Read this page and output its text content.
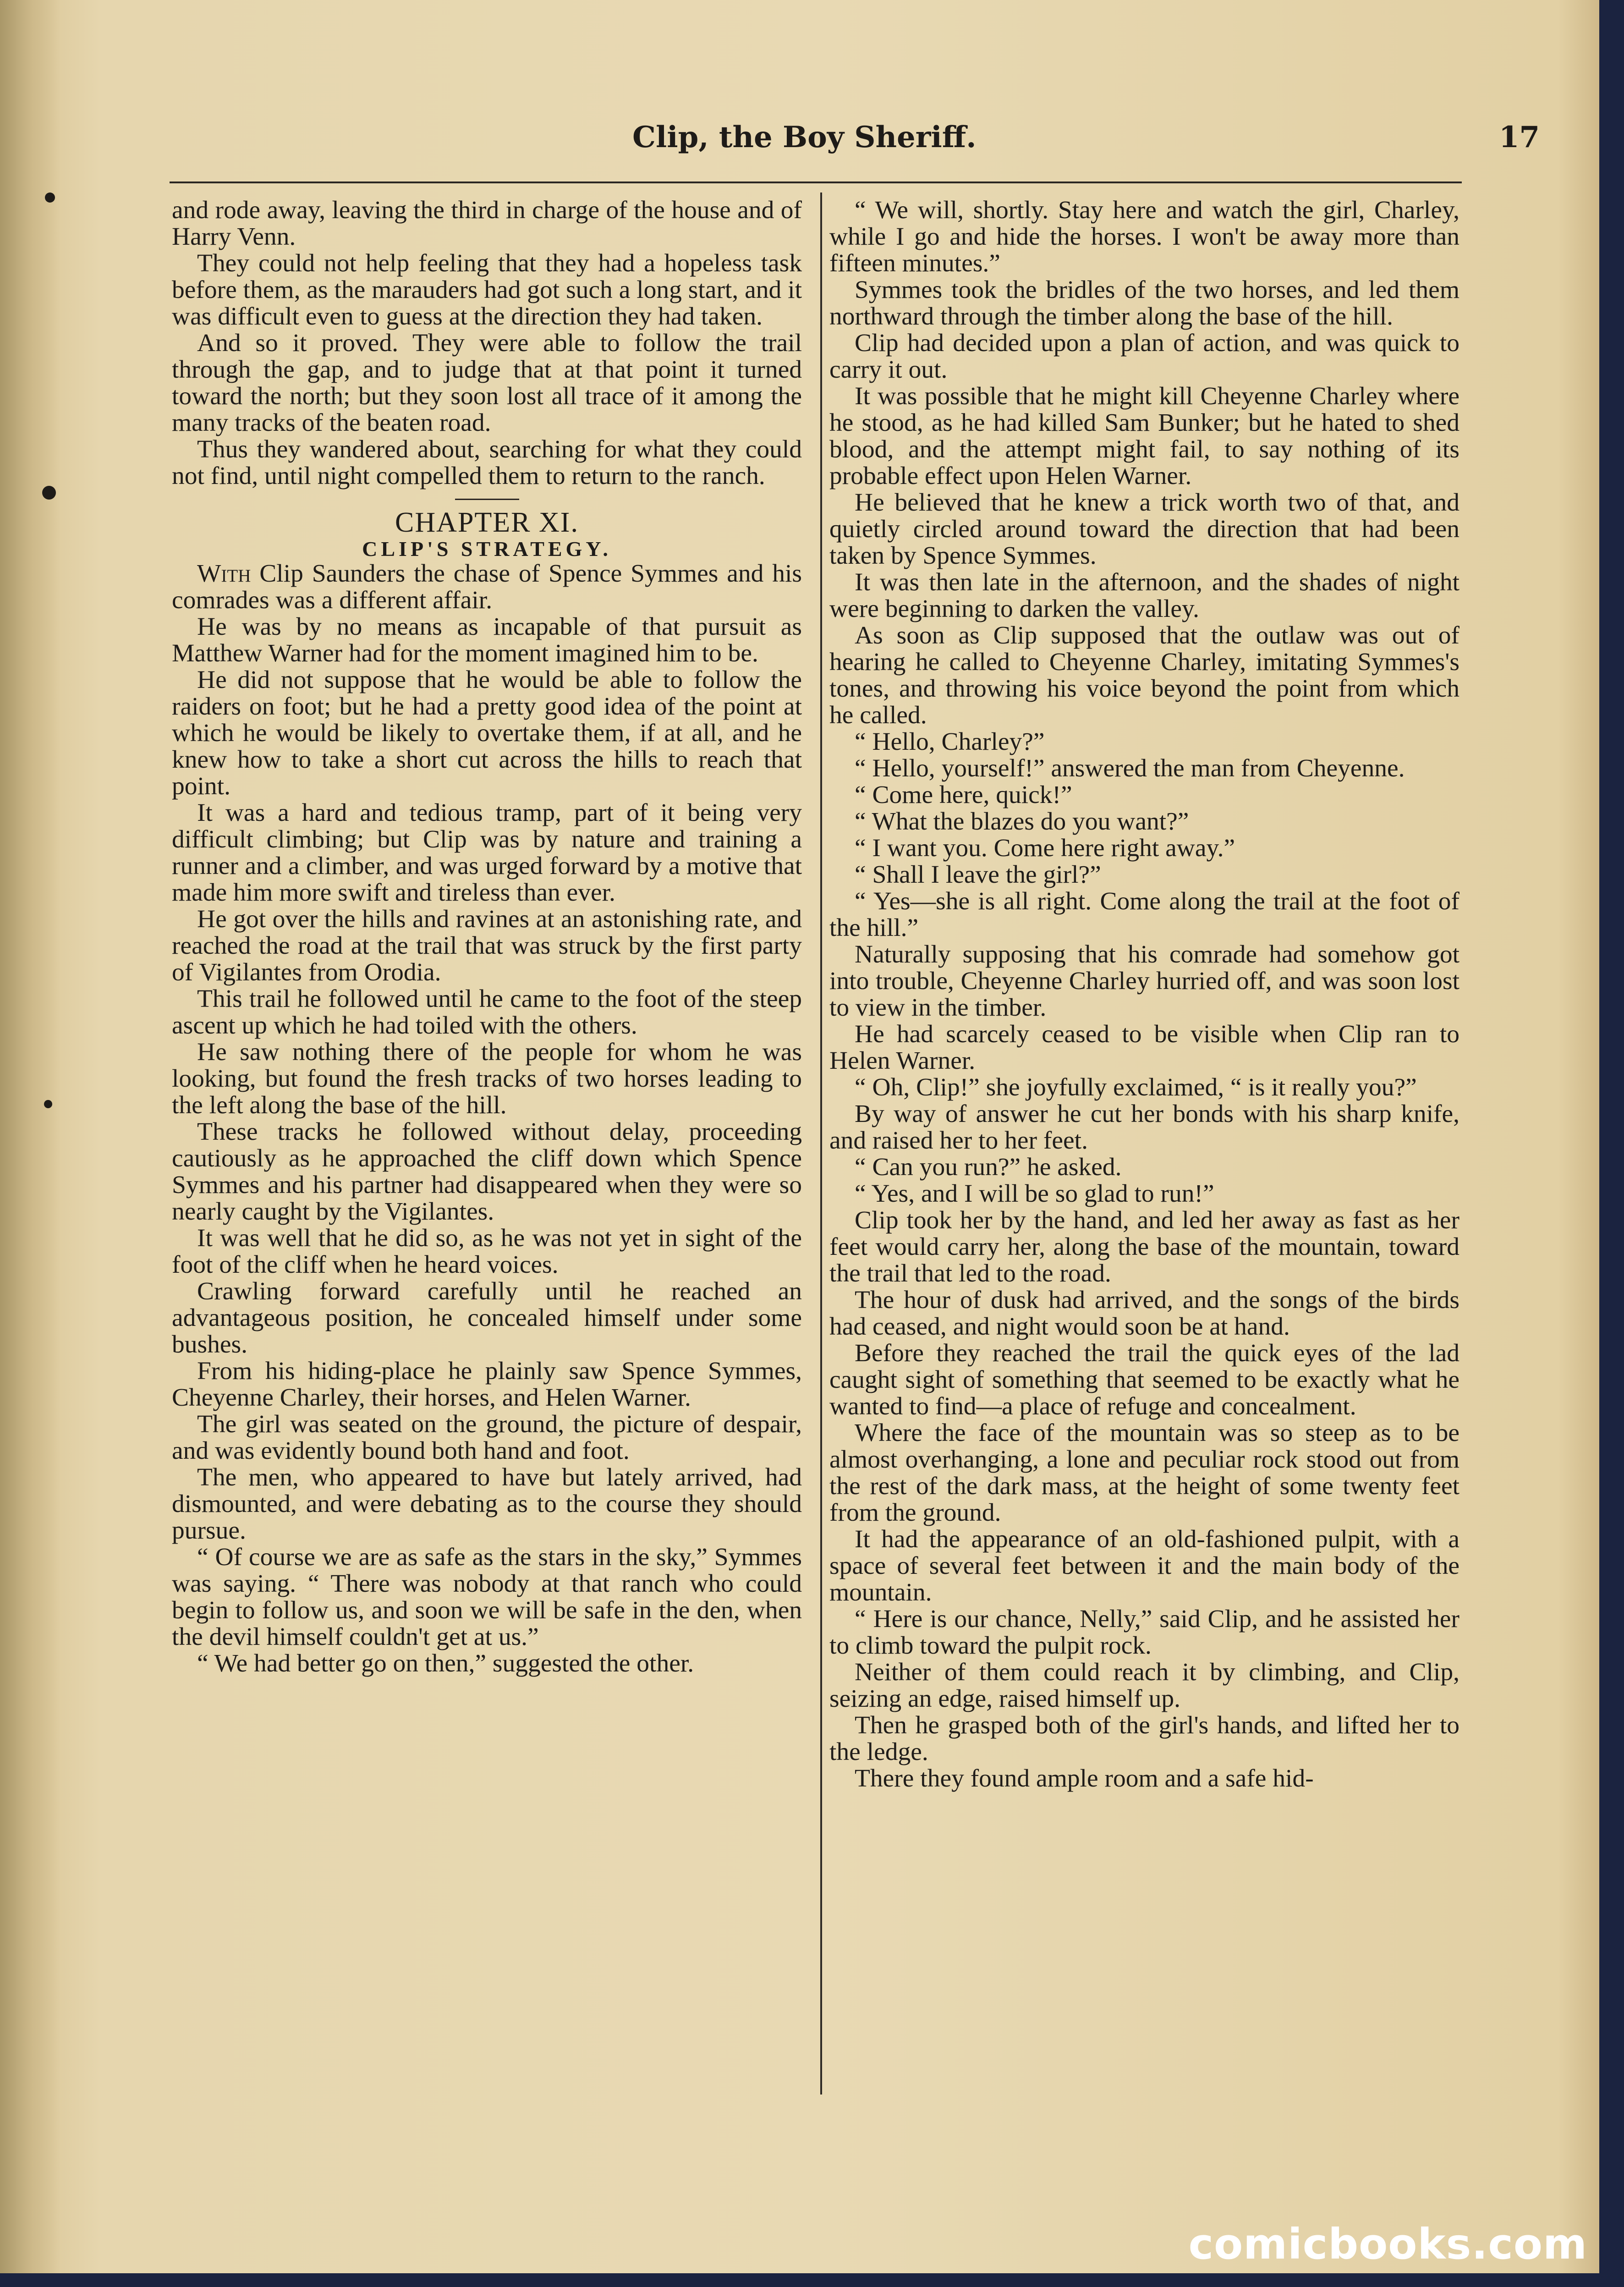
Clip, the Boy Sheriff.	17

and rode away, leaving the third in charge of the house and of Harry Venn.

They could not help feeling that they had a hopeless task before them, as the marauders had got such a long start, and it was difficult even to guess at the direction they had taken.

And so it proved. They were able to follow the trail through the gap, and to judge that at that point it turned toward the north; but they soon lost all trace of it among the many tracks of the beaten road.

Thus they wandered about, searching for what they could not find, until night compelled them to return to the ranch.

CHAPTER XI.
CLIP'S STRATEGY.

With Clip Saunders the chase of Spence Symmes and his comrades was a different affair.

He was by no means as incapable of that pursuit as Matthew Warner had for the moment imagined him to be.

He did not suppose that he would be able to follow the raiders on foot; but he had a pretty good idea of the point at which he would be likely to overtake them, if at all, and he knew how to take a short cut across the hills to reach that point.

It was a hard and tedious tramp, part of it being very difficult climbing; but Clip was by nature and training a runner and a climber, and was urged forward by a motive that made him more swift and tireless than ever.

He got over the hills and ravines at an astonishing rate, and reached the road at the trail that was struck by the first party of Vigilantes from Orodia.

This trail he followed until he came to the foot of the steep ascent up which he had toiled with the others.

He saw nothing there of the people for whom he was looking, but found the fresh tracks of two horses leading to the left along the base of the hill.

These tracks he followed without delay, proceeding cautiously as he approached the cliff down which Spence Symmes and his partner had disappeared when they were so nearly caught by the Vigilantes.

It was well that he did so, as he was not yet in sight of the foot of the cliff when he heard voices.

Crawling forward carefully until he reached an advantageous position, he concealed himself under some bushes.

From his hiding-place he plainly saw Spence Symmes, Cheyenne Charley, their horses, and Helen Warner.

The girl was seated on the ground, the picture of despair, and was evidently bound both hand and foot.

The men, who appeared to have but lately arrived, had dismounted, and were debating as to the course they should pursue.

“ Of course we are as safe as the stars in the sky,” Symmes was saying. “ There was nobody at that ranch who could begin to follow us, and soon we will be safe in the den, when the devil himself couldn't get at us.”

“ We had better go on then,” suggested the other.

“ We will, shortly. Stay here and watch the girl, Charley, while I go and hide the horses. I won't be away more than fifteen minutes.”

Symmes took the bridles of the two horses, and led them northward through the timber along the base of the hill.

Clip had decided upon a plan of action, and was quick to carry it out.

It was possible that he might kill Cheyenne Charley where he stood, as he had killed Sam Bunker; but he hated to shed blood, and the attempt might fail, to say nothing of its probable effect upon Helen Warner.

He believed that he knew a trick worth two of that, and quietly circled around toward the direction that had been taken by Spence Symmes.

It was then late in the afternoon, and the shades of night were beginning to darken the valley.

As soon as Clip supposed that the outlaw was out of hearing he called to Cheyenne Charley, imitating Symmes's tones, and throwing his voice beyond the point from which he called.

“ Hello, Charley?”

“ Hello, yourself!” answered the man from Cheyenne.

“ Come here, quick!”

“ What the blazes do you want?”

“ I want you. Come here right away.”

“ Shall I leave the girl?”

“ Yes—she is all right. Come along the trail at the foot of the hill.”

Naturally supposing that his comrade had somehow got into trouble, Cheyenne Charley hurried off, and was soon lost to view in the timber.

He had scarcely ceased to be visible when Clip ran to Helen Warner.

“ Oh, Clip!” she joyfully exclaimed, “ is it really you?”

By way of answer he cut her bonds with his sharp knife, and raised her to her feet.

“ Can you run?” he asked.

“ Yes, and I will be so glad to run!”

Clip took her by the hand, and led her away as fast as her feet would carry her, along the base of the mountain, toward the trail that led to the road.

The hour of dusk had arrived, and the songs of the birds had ceased, and night would soon be at hand.

Before they reached the trail the quick eyes of the lad caught sight of something that seemed to be exactly what he wanted to find—a place of refuge and concealment.

Where the face of the mountain was so steep as to be almost overhanging, a lone and peculiar rock stood out from the rest of the dark mass, at the height of some twenty feet from the ground.

It had the appearance of an old-fashioned pulpit, with a space of several feet between it and the main body of the mountain.

“ Here is our chance, Nelly,” said Clip, and he assisted her to climb toward the pulpit rock.

Neither of them could reach it by climbing, and Clip, seizing an edge, raised himself up.

Then he grasped both of the girl's hands, and lifted her to the ledge.

There they found ample room and a safe hid-

comicbooks.com
